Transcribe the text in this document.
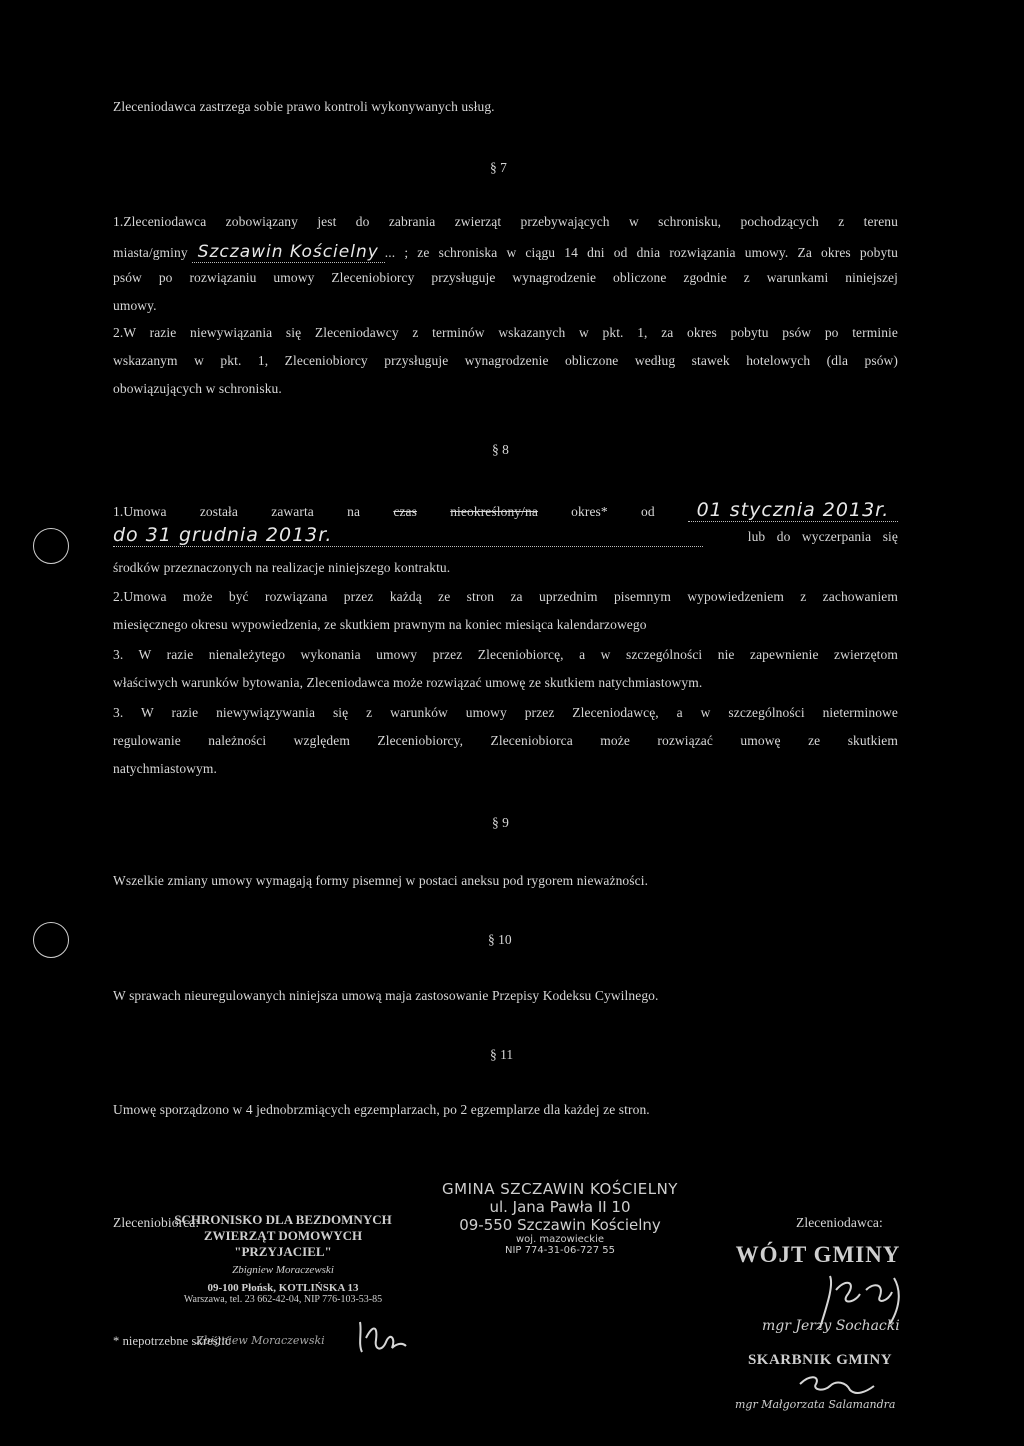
Zleceniodawca zastrzega sobie prawo kontroli wykonywanych usług.
§ 7
1.Zleceniodawca zobowiązany jest do zabrania zwierząt przebywających w schronisku, pochodzących z terenu
miasta/gminy Szczawin Kościelny ... ; ze schroniska w ciągu 14 dni od dnia rozwiązania umowy. Za okres pobytu
psów po rozwiązaniu umowy Zleceniobiorcy przysługuje wynagrodzenie obliczone zgodnie z warunkami niniejszej
umowy.
2.W razie niewywiązania się Zleceniodawcy z terminów wskazanych w pkt. 1, za okres pobytu psów po terminie
wskazanym w pkt. 1, Zleceniobiorcy przysługuje wynagrodzenie obliczone według stawek hotelowych (dla psów)
obowiązujących w schronisku.
§ 8
1.Umowa została zawarta na czas nieokreślony/na okres* od	01 stycznia 2013r.
do 31 grudnia 2013r.	lub do wyczerpania się
środków przeznaczonych na realizacje niniejszego kontraktu.
2.Umowa może być rozwiązana przez każdą ze stron za uprzednim pisemnym wypowiedzeniem z zachowaniem
miesięcznego okresu wypowiedzenia, ze skutkiem prawnym na koniec miesiąca kalendarzowego
3. W razie nienależytego wykonania umowy przez Zleceniobiorcę, a w szczególności nie zapewnienie zwierzętom
właściwych warunków bytowania, Zleceniodawca może rozwiązać umowę ze skutkiem natychmiastowym.
3. W razie niewywiązywania się z warunków umowy przez Zleceniodawcę, a w szczególności nieterminowe
regulowanie należności względem Zleceniobiorcy, Zleceniobiorca może rozwiązać umowę ze skutkiem
natychmiastowym.
§ 9
Wszelkie zmiany umowy wymagają formy pisemnej w postaci aneksu pod rygorem nieważności.
§ 10
W sprawach nieuregulowanych niniejsza umową maja zastosowanie Przepisy Kodeksu Cywilnego.
§ 11
Umowę sporządzono w 4 jednobrzmiących egzemplarzach, po 2 egzemplarze dla każdej ze stron.
GMINA SZCZAWIN KOŚCIELNY
ul. Jana Pawła II 10
09-550 Szczawin Kościelny
woj. mazowieckie
NIP 774-31-06-727 55
Zleceniobiorca:
SCHRONISKO DLA BEZDOMNYCH
ZWIERZĄT DOMOWYCH
"PRZYJACIEL"
Zbigniew Moraczewski
09-100 Płońsk, KOTLIŃSKA 13
Warszawa, tel. 23 662-42-04, NIP 776-103-53-85
* niepotrzebne skreślić
Zbigniew Moraczewski
Zleceniodawca:
WÓJT GMINY
mgr Jerzy Sochacki
SKARBNIK GMINY
mgr Małgorzata Salamandra
